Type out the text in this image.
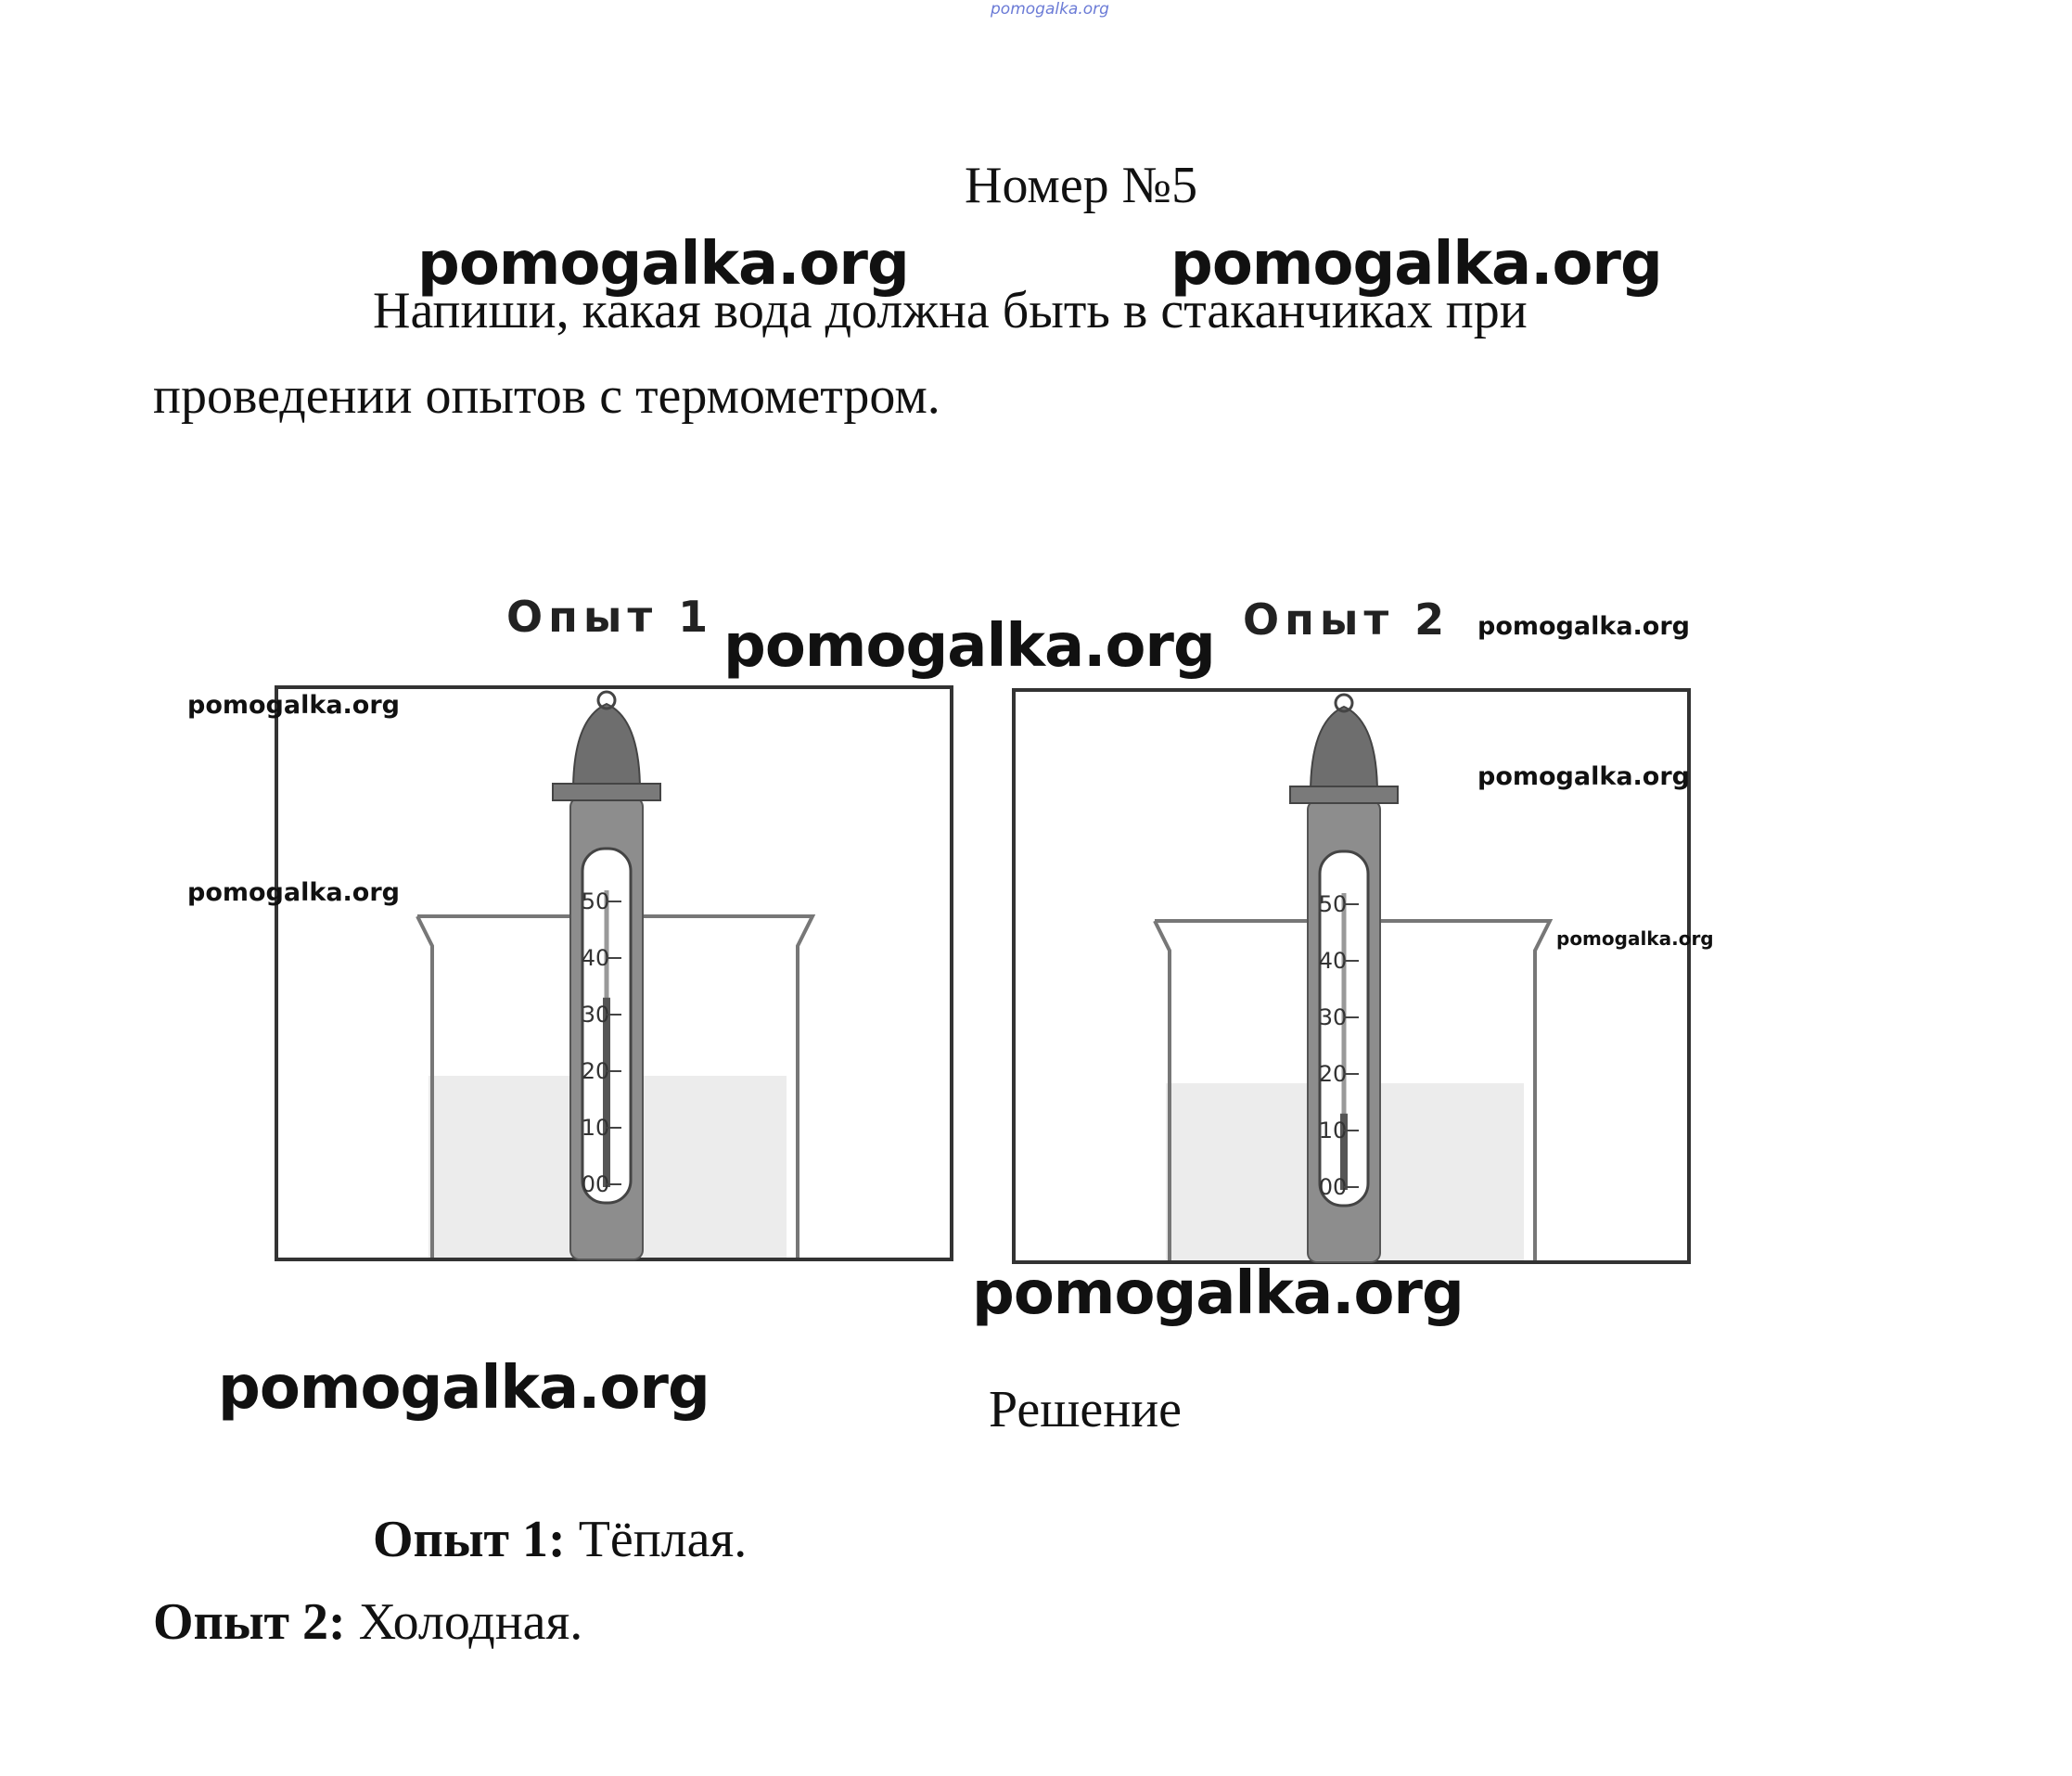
pomogalka.org
Номер №5
Напиши, какая вода должна быть в стаканчиках при
проведении опытов с термометром.
Опыт 1	Опыт 2
50
40
30
20
10
00
50
40
30
20
10
00
Решение
Опыт 1: Тёплая.
Опыт 2: Холодная.
pomogalka.org	pomogalka.org
pomogalka.org	pomogalka.org
pomogalka.org
pomogalka.org
pomogalka.org
pomogalka.org
pomogalka.org
pomogalka.org
